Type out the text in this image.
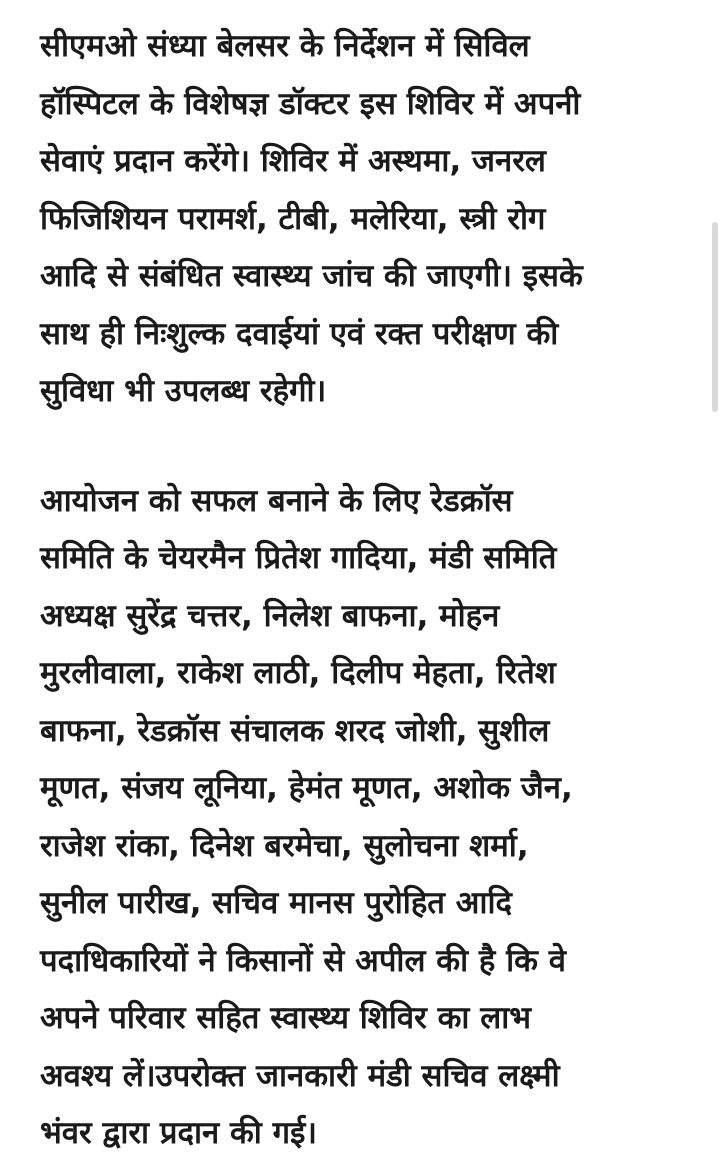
सीएमओ संध्या बेलसर के निर्देशन में सिविल
हॉस्पिटल के विशेषज्ञ डॉक्टर इस शिविर में अपनी
सेवाएं प्रदान करेंगे। शिविर में अस्थमा, जनरल
फिजिशियन परामर्श, टीबी, मलेरिया, स्त्री रोग
आदि से संबंधित स्वास्थ्य जांच की जाएगी। इसके
साथ ही निःशुल्क दवाईयां एवं रक्त परीक्षण की
सुविधा भी उपलब्ध रहेगी।

आयोजन को सफल बनाने के लिए रेडक्रॉस
समिति के चेयरमैन प्रितेश गादिया, मंडी समिति
अध्यक्ष सुरेंद्र चत्तर, निलेश बाफना, मोहन
मुरलीवाला, राकेश लाठी, दिलीप मेहता, रितेश
बाफना, रेडक्रॉस संचालक शरद जोशी, सुशील
मूणत, संजय लूनिया, हेमंत मूणत, अशोक जैन,
राजेश रांका, दिनेश बरमेचा, सुलोचना शर्मा,
सुनील पारीख, सचिव मानस पुरोहित आदि
पदाधिकारियों ने किसानों से अपील की है कि वे
अपने परिवार सहित स्वास्थ्य शिविर का लाभ
अवश्य लें।उपरोक्त जानकारी मंडी सचिव लक्ष्मी
भंवर द्वारा प्रदान की गई।
